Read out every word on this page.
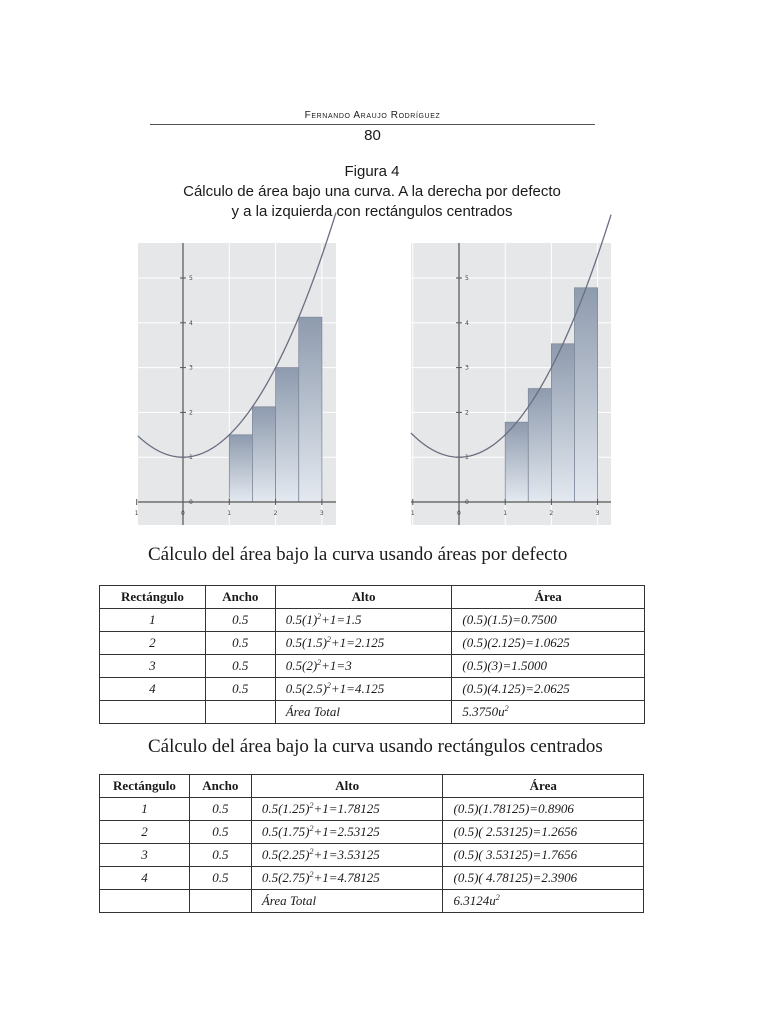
Fernando Araujo Rodríguez
80
Figura 4
Cálculo de área bajo una curva. A la derecha por defecto
y a la izquierda con rectángulos centrados
0
1
2
3
4
5
1	0	1	2	3
0
1
2
3
4
5
1	0	1	2	3
Cálculo del área bajo la curva usando áreas por defecto
Rectángulo	Ancho	Alto	Área
1	0.5	$0.5(1)^2+1=1.5$	(0.5)(1.5)=0.7500
2	0.5	$0.5(1.5)^2+1=2.125$	(0.5)(2.125)=1.0625
3	0.5	$0.5(2)^2+1=3$	(0.5)(3)=1.5000
4	0.5	$0.5(2.5)^2+1=4.125$	(0.5)(4.125)=2.0625
		Área Total	$5.3750u^2$
Cálculo del área bajo la curva usando rectángulos centrados
Rectángulo	Ancho	Alto	Área
1	0.5	$0.5(1.25)^2+1=1.78125$	(0.5)(1.78125)=0.8906
2	0.5	$0.5(1.75)^2+1=2.53125$	(0.5)( 2.53125)=1.2656
3	0.5	$0.5(2.25)^2+1=3.53125$	(0.5)( 3.53125)=1.7656
4	0.5	$0.5(2.75)^2+1=4.78125$	(0.5)( 4.78125)=2.3906
		Área Total	$6.3124u^2$
